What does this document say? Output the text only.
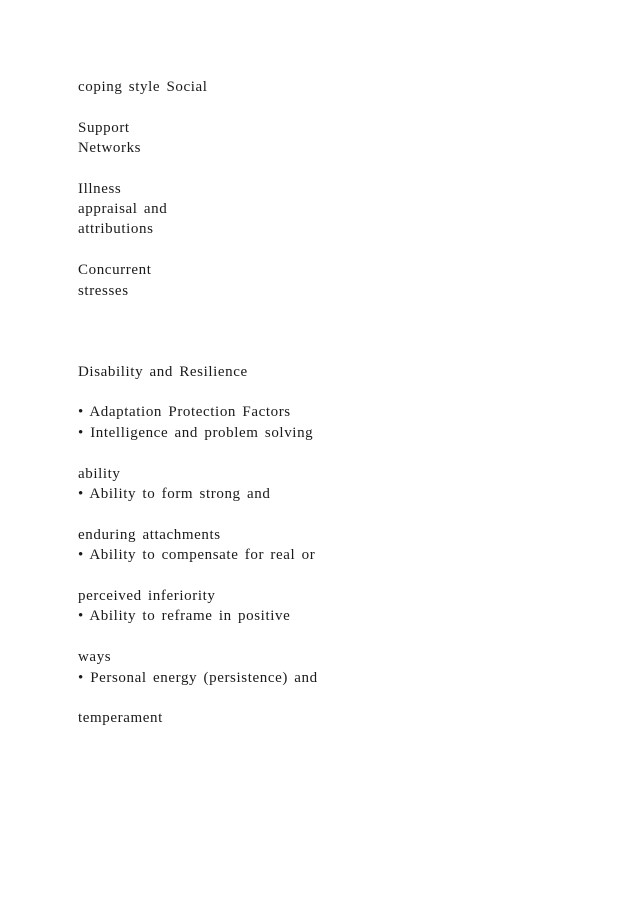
coping style Social
Support
Networks
Illness
appraisal and
attributions
Concurrent
stresses
Disability and Resilience
• Adaptation Protection Factors
• Intelligence and problem solving
ability
• Ability to form strong and
enduring attachments
• Ability to compensate for real or
perceived inferiority
• Ability to reframe in positive
ways
• Personal energy (persistence) and
temperament
